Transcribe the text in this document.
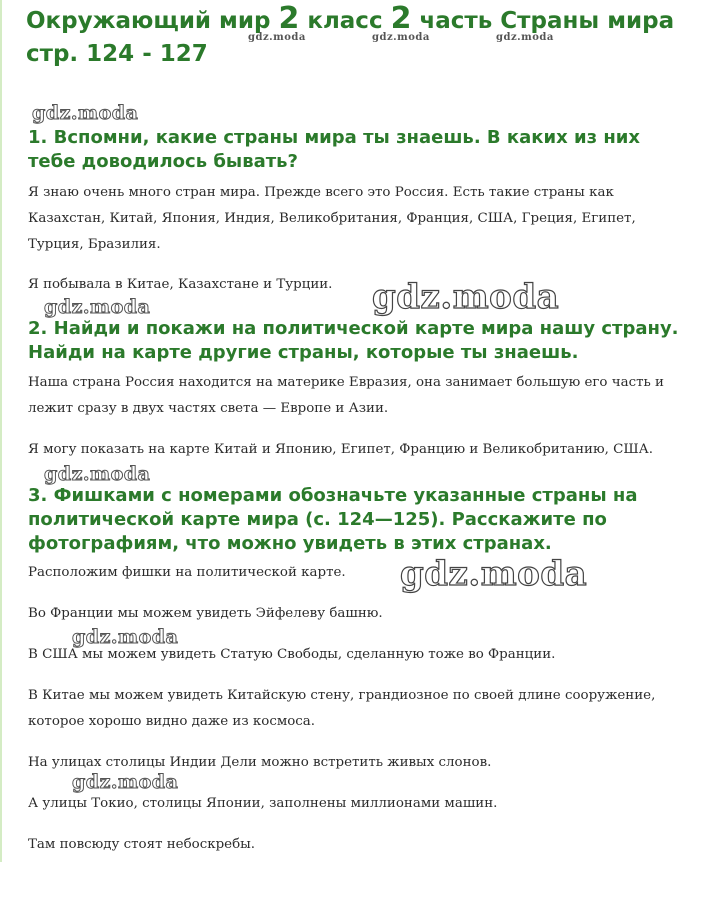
Окружающий мир 2 класс 2 часть Страны мира стр. 124 - 127
gdz.moda	gdz.moda	gdz.moda
gdz.moda
gdz.moda
gdz.moda
gdz.moda
gdz.moda
gdz.moda
gdz.moda
1. Вспомни, какие страны мира ты знаешь. В каких из них тебе доводилось бывать?

Я знаю очень много стран мира. Прежде всего это Россия. Есть такие страны как Казахстан, Китай, Япония, Индия, Великобритания, Франция, США, Греция, Египет, Турция, Бразилия.

Я побывала в Китае, Казахстане и Турции.

2. Найди и покажи на политической карте мира нашу страну. Найди на карте другие страны, которые ты знаешь.

Наша страна Россия находится на материке Евразия, она занимает большую его часть и лежит сразу в двух частях света — Европе и Азии.

Я могу показать на карте Китай и Японию, Египет, Францию и Великобританию, США.

3. Фишками с номерами обозначьте указанные страны на политической карте мира (с. 124—125). Расскажите по фотографиям, что можно увидеть в этих странах.

Расположим фишки на политической карте.

Во Франции мы можем увидеть Эйфелеву башню.

В США мы можем увидеть Статую Свободы, сделанную тоже во Франции.

В Китае мы можем увидеть Китайскую стену, грандиозное по своей длине сооружение, которое хорошо видно даже из космоса.

На улицах столицы Индии Дели можно встретить живых слонов.

А улицы Токио, столицы Японии, заполнены миллионами машин.

Там повсюду стоят небоскребы.
